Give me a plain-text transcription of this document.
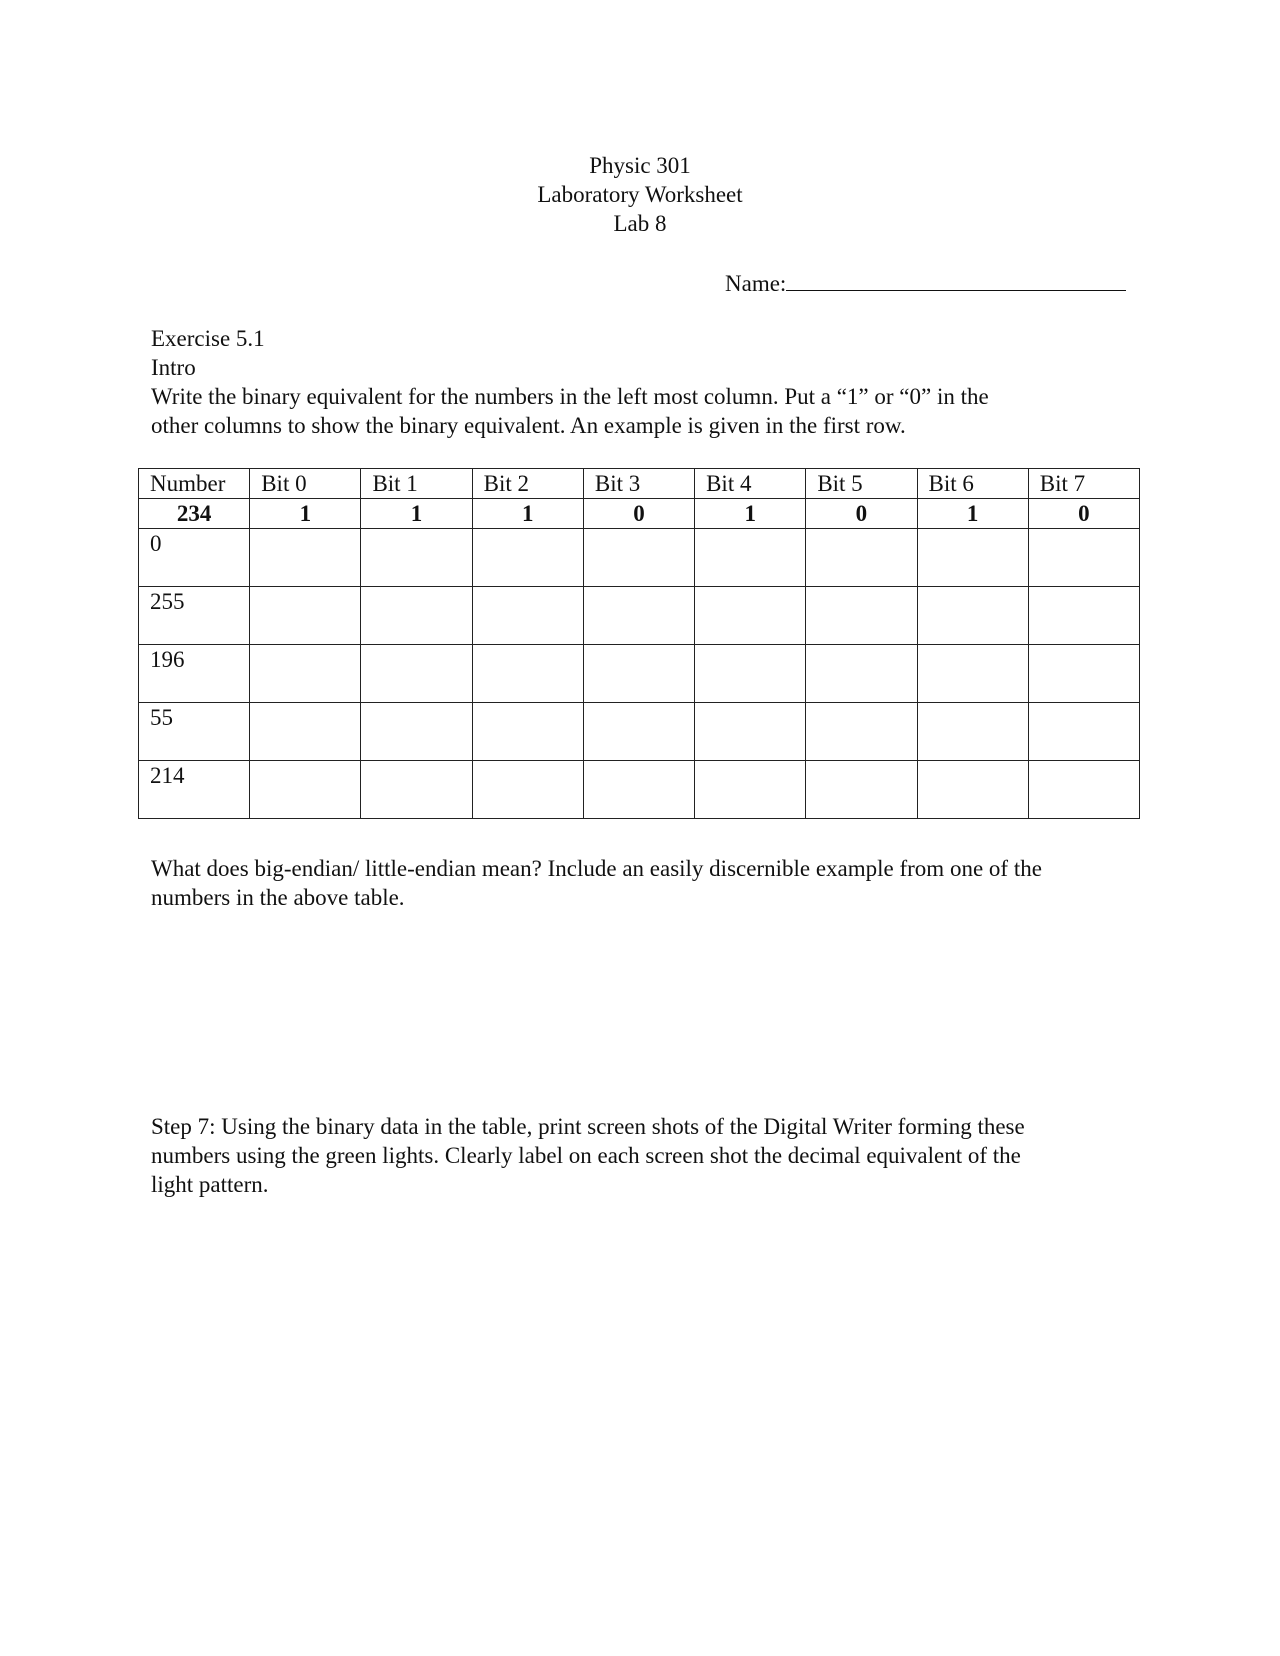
Physic 301
Laboratory Worksheet
Lab 8
Name:
Exercise 5.1
Intro
Write the binary equivalent for the numbers in the left most column. Put a “1” or “0” in the
other columns to show the binary equivalent. An example is given in the first row.
Number	Bit 0	Bit 1	Bit 2	Bit 3	Bit 4	Bit 5	Bit 6	Bit 7
234	1	1	1	0	1	0	1	0
0								
255								
196								
55								
214								
What does big-endian/ little-endian mean? Include an easily discernible example from one of the
numbers in the above table.
Step 7: Using the binary data in the table, print screen shots of the Digital Writer forming these
numbers using the green lights. Clearly label on each screen shot the decimal equivalent of the
light pattern.
